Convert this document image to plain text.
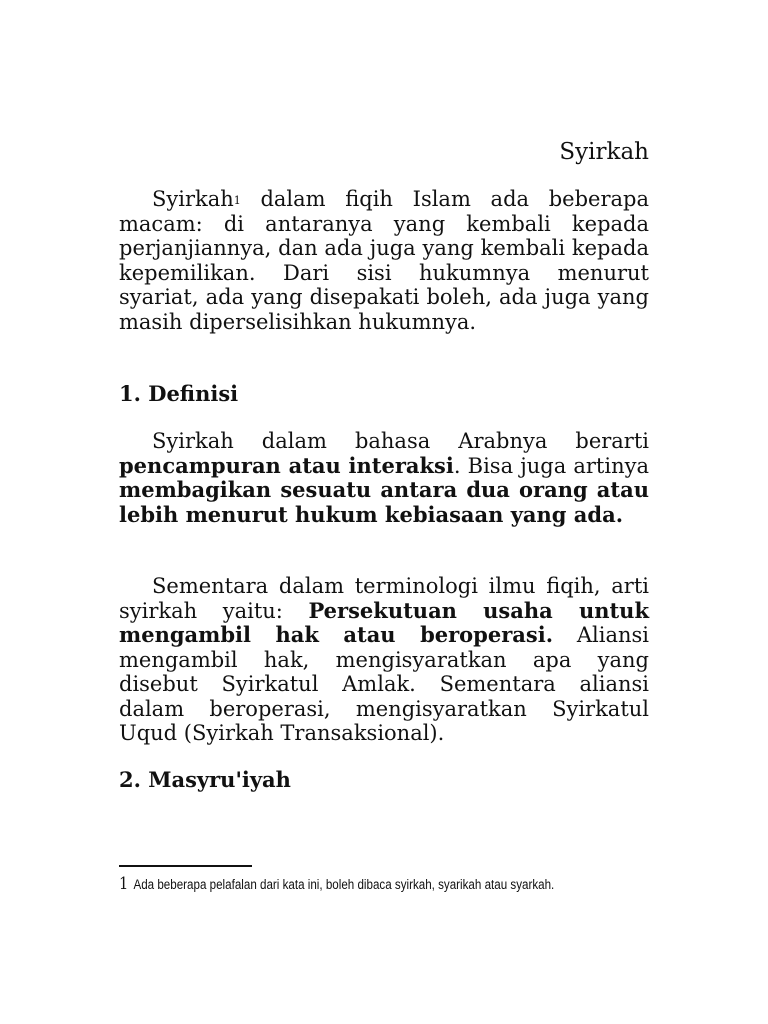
Syirkah

Syirkah$^1$ dalam fiqih Islam ada beberapa macam: di antaranya yang kembali kepada perjanjiannya, dan ada juga yang kembali kepada kepemilikan. Dari sisi hukumnya menurut syariat, ada yang disepakati boleh, ada juga yang masih diperselisihkan hukumnya.

1. Definisi

Syirkah dalam bahasa Arabnya berarti pencampuran atau interaksi. Bisa juga artinya membagikan sesuatu antara dua orang atau lebih menurut hukum kebiasaan yang ada.

Sementara dalam terminologi ilmu fiqih, arti syirkah yaitu: Persekutuan usaha untuk mengambil hak atau beroperasi. Aliansi mengambil hak, mengisyaratkan apa yang disebut Syirkatul Amlak. Sementara aliansi dalam beroperasi, mengisyaratkan Syirkatul Uqud (Syirkah Transaksional).

2. Masyru'iyah
1 Ada beberapa pelafalan dari kata ini, boleh dibaca syirkah, syarikah atau syarkah.
